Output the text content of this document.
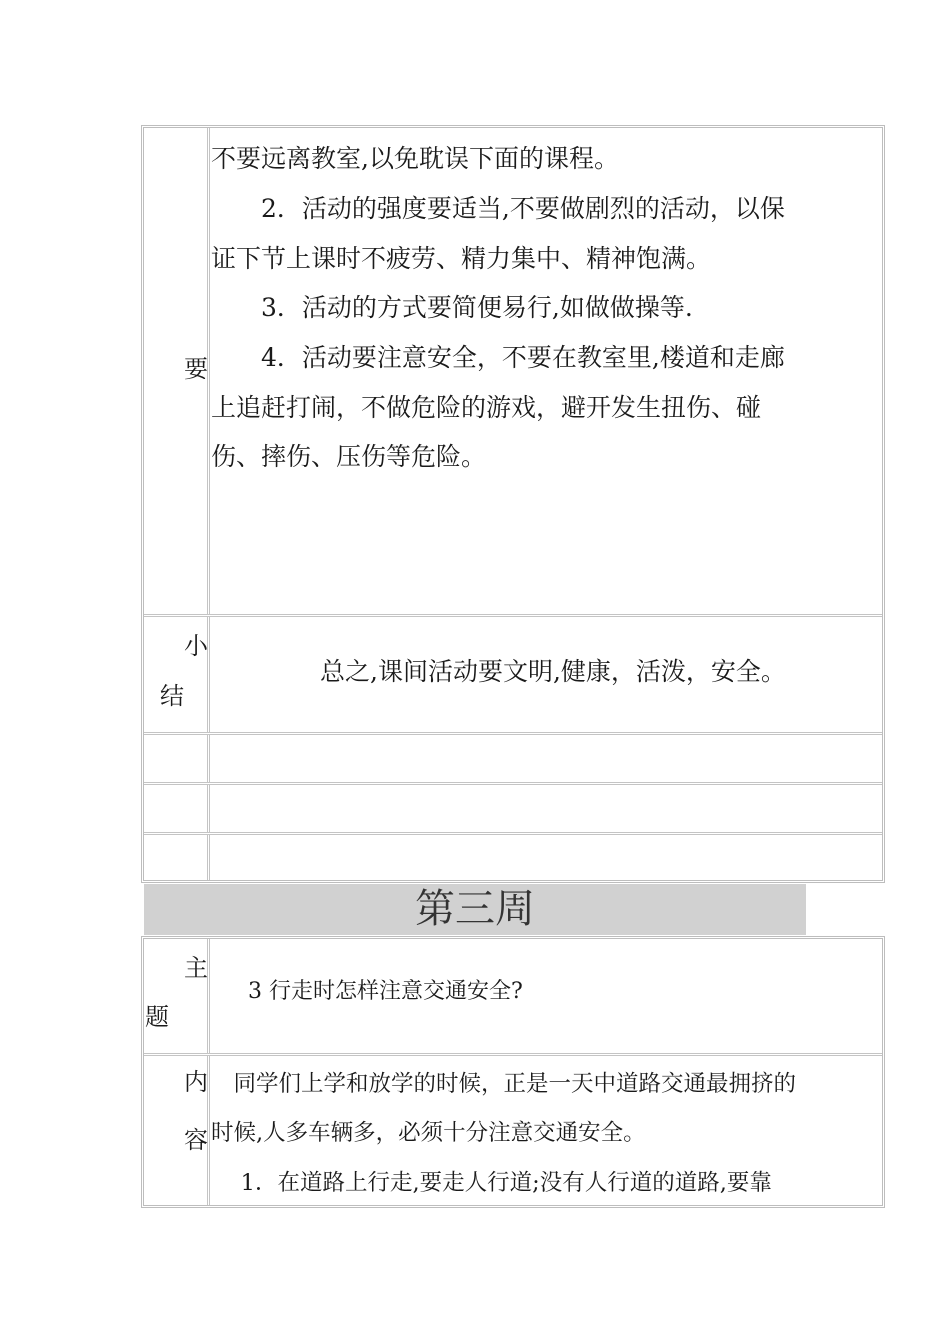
要
不要远离教室,以免耽误下面的课程。
　　2．活动的强度要适当,不要做剧烈的活动，以保
证下节上课时不疲劳、精力集中、精神饱满。
　　3．活动的方式要简便易行,如做做操等.
　　4．活动要注意安全，不要在教室里,楼道和走廊
上追赶打闹，不做危险的游戏，避开发生扭伤、碰
伤、摔伤、压伤等危险。
小
结
总之,课间活动要文明,健康，活泼，安全。
第三周
主
题
3 行走时怎样注意交通安全?
内
容
　同学们上学和放学的时候，正是一天中道路交通最拥挤的
时候,人多车辆多，必须十分注意交通安全。
　 1．在道路上行走,要走人行道;没有人行道的道路,要靠
